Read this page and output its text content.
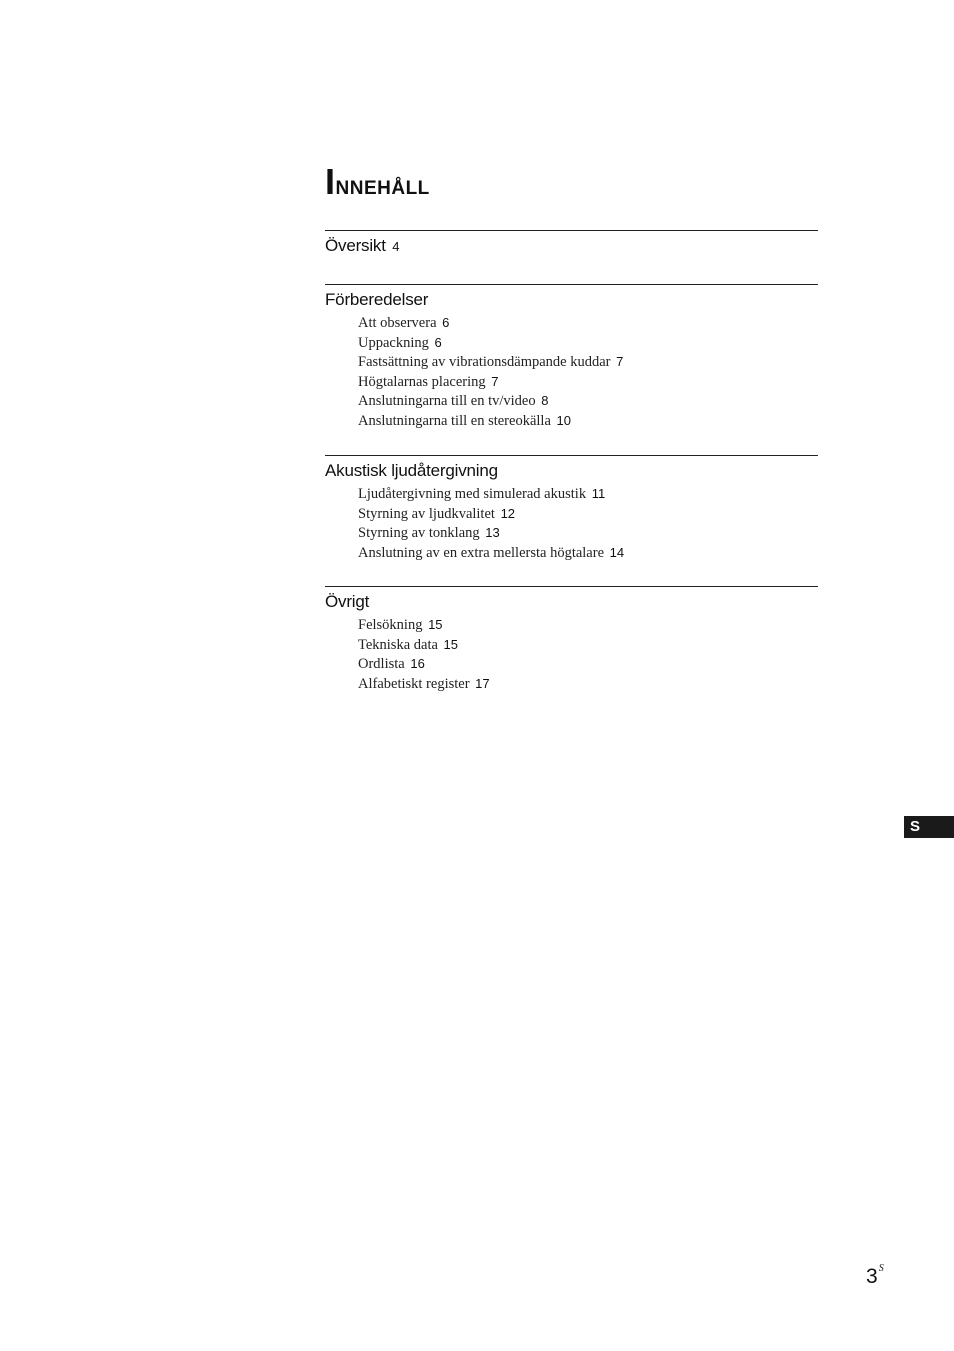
Innehåll
Översikt 4
Förberedelser
Att observera 6
Uppackning 6
Fastsättning av vibrationsdämpande kuddar 7
Högtalarnas placering 7
Anslutningarna till en tv/video 8
Anslutningarna till en stereokälla 10
Akustisk ljudåtergivning
Ljudåtergivning med simulerad akustik 11
Styrning av ljudkvalitet 12
Styrning av tonklang 13
Anslutning av en extra mellersta högtalare 14
Övrigt
Felsökning 15
Tekniska data 15
Ordlista 16
Alfabetiskt register 17
S
$3^S$
